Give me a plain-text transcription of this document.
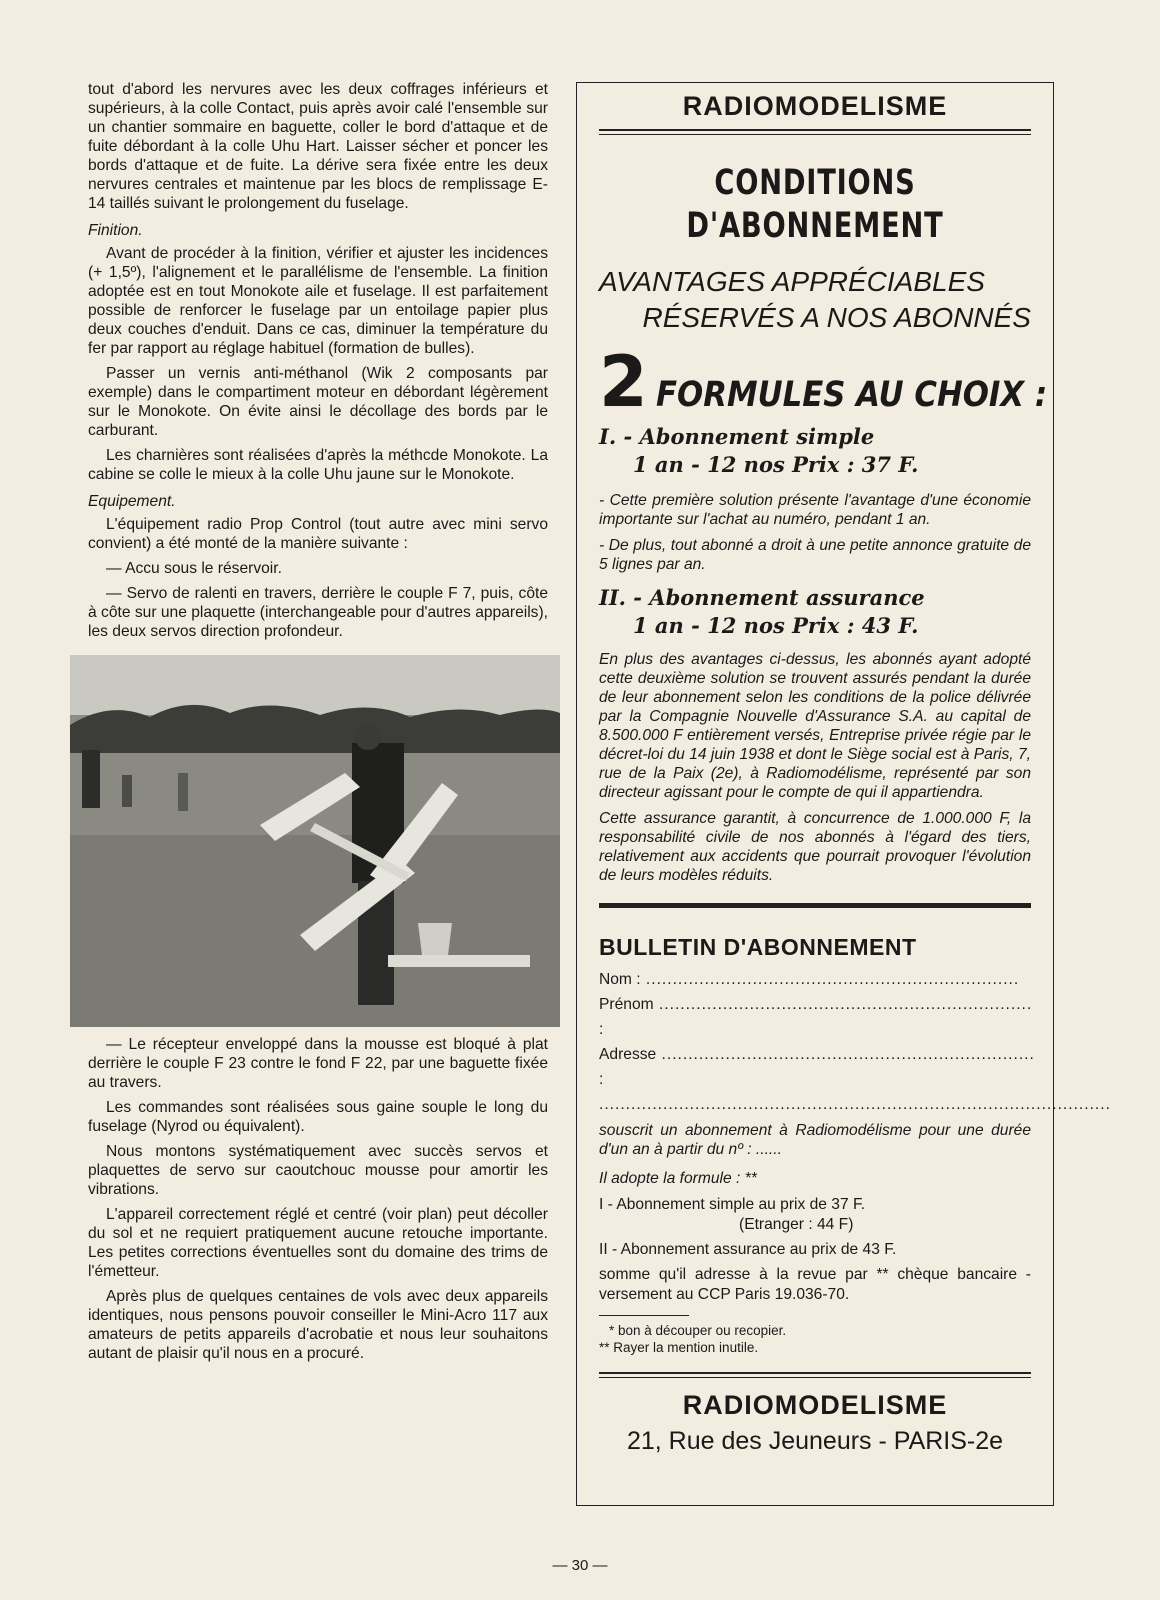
tout d'abord les nervures avec les deux coffrages inférieurs et supérieurs, à la colle Contact, puis après avoir calé l'ensemble sur un chantier sommaire en baguette, coller le bord d'attaque et de fuite débordant à la colle Uhu Hart. Laisser sécher et poncer les bords d'attaque et de fuite. La dérive sera fixée entre les deux nervures centrales et maintenue par les blocs de remplissage E-14 taillés suivant le prolongement du fuselage.

Finition.

Avant de procéder à la finition, vérifier et ajuster les incidences (+ 1,5º), l'alignement et le parallélisme de l'ensemble. La finition adoptée est en tout Monokote aile et fuselage. Il est parfaitement possible de renforcer le fuselage par un entoilage papier plus deux couches d'enduit. Dans ce cas, diminuer la température du fer par rapport au réglage habituel (formation de bulles).

Passer un vernis anti-méthanol (Wik 2 composants par exemple) dans le compartiment moteur en débordant légèrement sur le Monokote. On évite ainsi le décollage des bords par le carburant.

Les charnières sont réalisées d'après la méthcde Monokote. La cabine se colle le mieux à la colle Uhu jaune sur le Monokote.

Equipement.

L'équipement radio Prop Control (tout autre avec mini servo convient) a été monté de la manière suivante :

— Accu sous le réservoir.

— Servo de ralenti en travers, derrière le couple F 7, puis, côte à côte sur une plaquette (interchangeable pour d'autres appareils), les deux servos direction profondeur.

— Le récepteur enveloppé dans la mousse est bloqué à plat derrière le couple F 23 contre le fond F 22, par une baguette fixée au travers.

Les commandes sont réalisées sous gaine souple le long du fuselage (Nyrod ou équivalent).

Nous montons systématiquement avec succès servos et plaquettes de servo sur caoutchouc mousse pour amortir les vibrations.

L'appareil correctement réglé et centré (voir plan) peut décoller du sol et ne requiert pratiquement aucune retouche importante. Les petites corrections éventuelles sont du domaine des trims de l'émetteur.

Après plus de quelques centaines de vols avec deux appareils identiques, nous pensons pouvoir conseiller le Mini-Acro 117 aux amateurs de petits appareils d'acrobatie et nous leur souhaitons autant de plaisir qu'il nous en a procuré.

RADIOMODELISME
CONDITIONS
D'ABONNEMENT
AVANTAGES APPRÉCIABLES
RÉSERVÉS A NOS ABONNÉS
2 FORMULES AU CHOIX :
I. - Abonnement simple
1 an - 12 nos Prix : 37 F.

- Cette première solution présente l'avantage d'une économie importante sur l'achat au numéro, pendant 1 an.

- De plus, tout abonné a droit à une petite annonce gratuite de 5 lignes par an.

II. - Abonnement assurance
1 an - 12 nos Prix : 43 F.

En plus des avantages ci-dessus, les abonnés ayant adopté cette deuxième solution se trouvent assurés pendant la durée de leur abonnement selon les conditions de la police délivrée par la Compagnie Nouvelle d'Assurance S.A. au capital de 8.500.000 F entièrement versés, Entreprise privée régie par le décret-loi du 14 juin 1938 et dont le Siège social est à Paris, 7, rue de la Paix (2e), à Radiomodélisme, représenté par son directeur agissant pour le compte de qui il appartiendra.

Cette assurance garantit, à concurrence de 1.000.000 F, la responsabilité civile de nos abonnés à l'égard des tiers, relativement aux accidents que pourrait provoquer l'évolution de leurs modèles réduits.

BULLETIN D'ABONNEMENT
Nom : ......................................................................
Prénom :
......................................................................
Adresse :
......................................................................
................................................................................................

souscrit un abonnement à Radiomodélisme pour une durée d'un an à partir du nº : ......

Il adopte la formule : **

I - Abonnement simple au prix de 37 F.
(Etranger : 44 F)
II - Abonnement assurance au prix de 43 F.
somme qu'il adresse à la revue par ** chèque bancaire - versement au CCP Paris 19.036-70.
* bon à découper ou recopier.
** Rayer la mention inutile.
RADIOMODELISME
21, Rue des Jeuneurs - PARIS-2e
— 30 —
